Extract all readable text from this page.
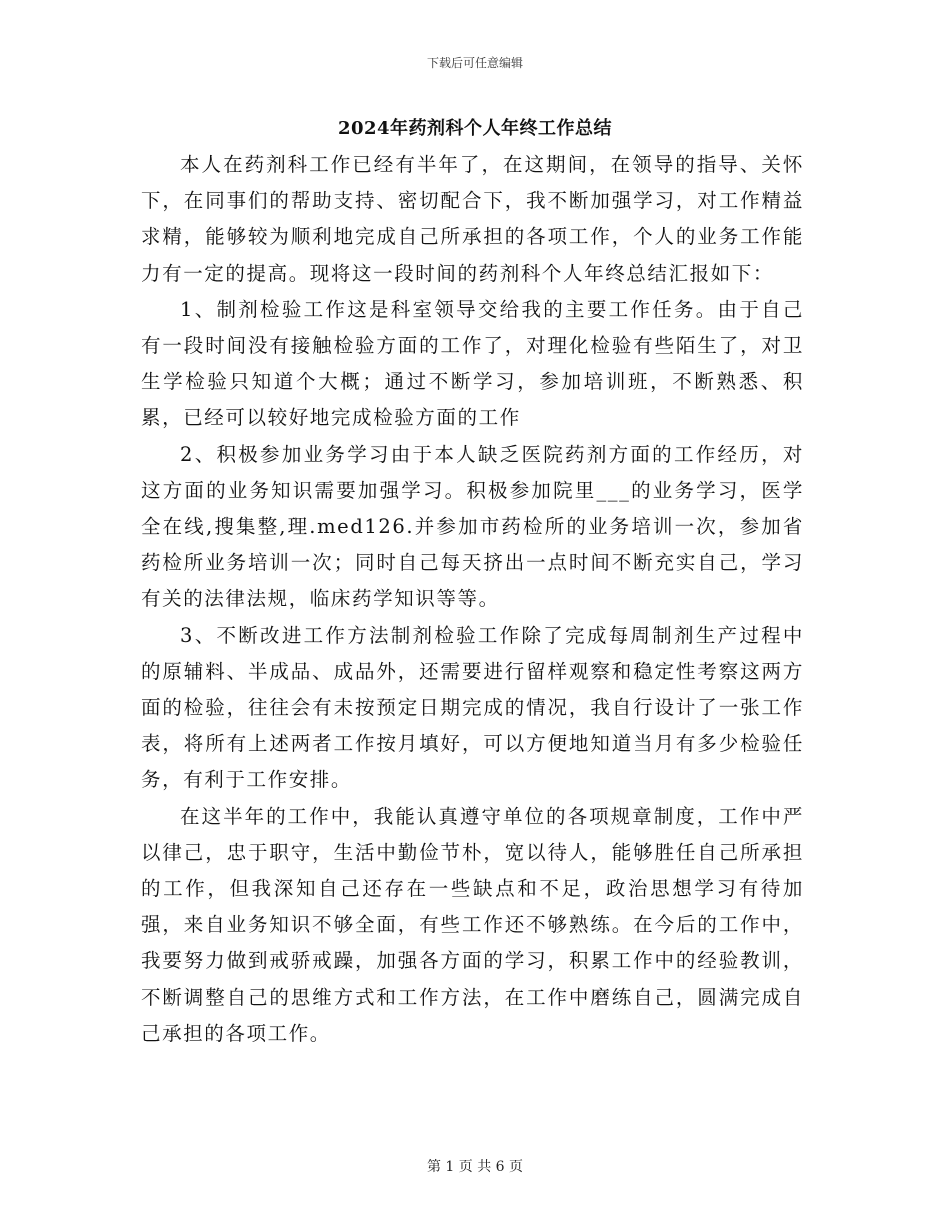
下载后可任意编辑
2024年药剂科个人年终工作总结

本人在药剂科工作已经有半年了，在这期间，在领导的指导、关怀下，在同事们的帮助支持、密切配合下，我不断加强学习，对工作精益求精，能够较为顺利地完成自己所承担的各项工作，个人的业务工作能力有一定的提高。现将这一段时间的药剂科个人年终总结汇报如下：

1、制剂检验工作这是科室领导交给我的主要工作任务。由于自己有一段时间没有接触检验方面的工作了，对理化检验有些陌生了，对卫生学检验只知道个大概；通过不断学习，参加培训班，不断熟悉、积累，已经可以较好地完成检验方面的工作

2、积极参加业务学习由于本人缺乏医院药剂方面的工作经历，对这方面的业务知识需要加强学习。积极参加院里___的业务学习，医学全在线,搜集整,理.med126.并参加市药检所的业务培训一次，参加省药检所业务培训一次；同时自己每天挤出一点时间不断充实自己，学习有关的法律法规，临床药学知识等等。

3、不断改进工作方法制剂检验工作除了完成每周制剂生产过程中的原辅料、半成品、成品外，还需要进行留样观察和稳定性考察这两方面的检验，往往会有未按预定日期完成的情况，我自行设计了一张工作表，将所有上述两者工作按月填好，可以方便地知道当月有多少检验任务，有利于工作安排。

在这半年的工作中，我能认真遵守单位的各项规章制度，工作中严以律己，忠于职守，生活中勤俭节朴，宽以待人，能够胜任自己所承担的工作，但我深知自己还存在一些缺点和不足，政治思想学习有待加强，来自业务知识不够全面，有些工作还不够熟练。在今后的工作中，我要努力做到戒骄戒躁，加强各方面的学习，积累工作中的经验教训，不断调整自己的思维方式和工作方法，在工作中磨练自己，圆满完成自己承担的各项工作。

第 1 页 共 6 页
